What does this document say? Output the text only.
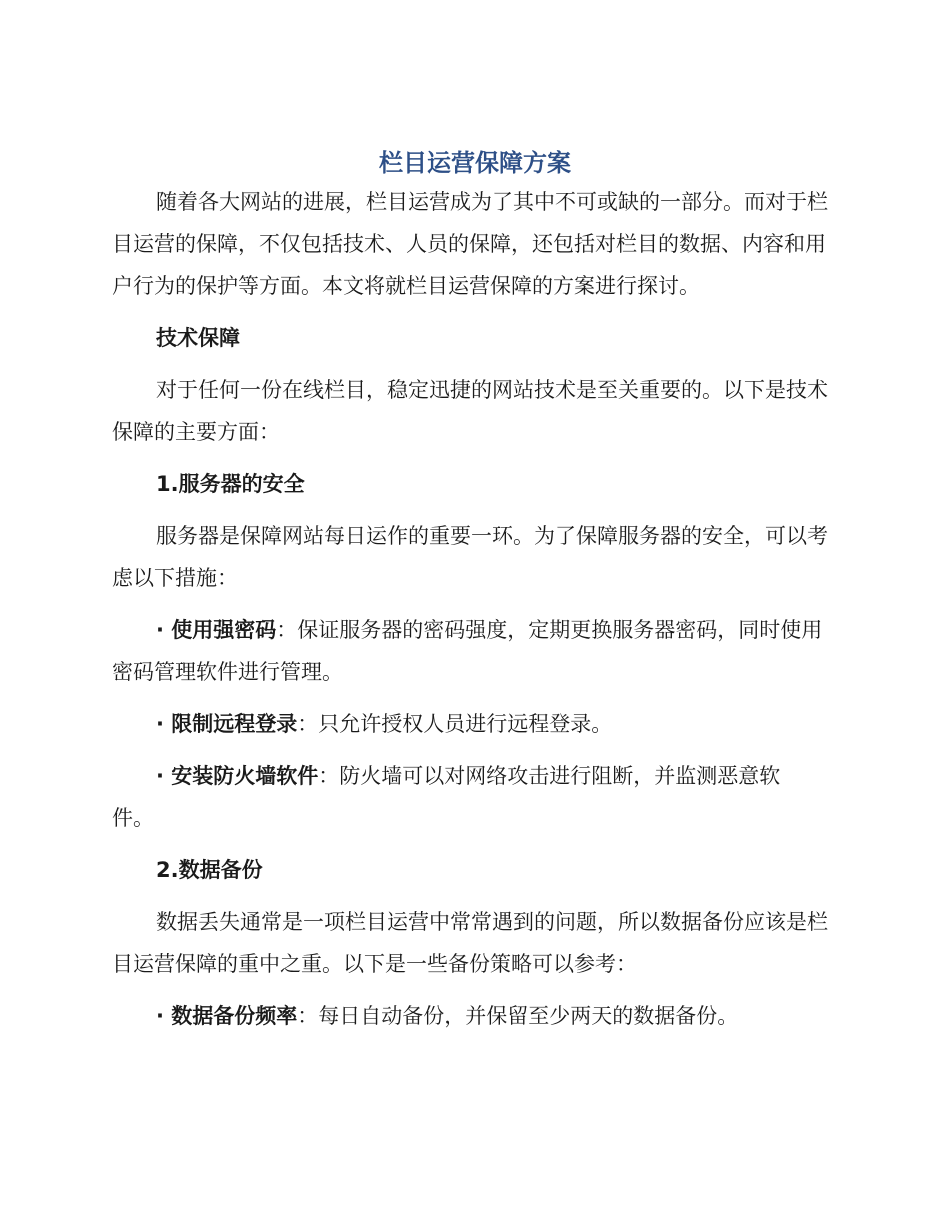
栏目运营保障方案

随着各大网站的进展，栏目运营成为了其中不可或缺的一部分。而对于栏目运营的保障，不仅包括技术、人员的保障，还包括对栏目的数据、内容和用户行为的保护等方面。本文将就栏目运营保障的方案进行探讨。

技术保障

对于任何一份在线栏目，稳定迅捷的网站技术是至关重要的。以下是技术保障的主要方面：

1.服务器的安全

服务器是保障网站每日运作的重要一环。为了保障服务器的安全，可以考虑以下措施：

· 使用强密码：保证服务器的密码强度，定期更换服务器密码，同时使用密码管理软件进行管理。

· 限制远程登录：只允许授权人员进行远程登录。

· 安装防火墙软件：防火墙可以对网络攻击进行阻断，并监测恶意软件。

2.数据备份

数据丢失通常是一项栏目运营中常常遇到的问题，所以数据备份应该是栏目运营保障的重中之重。以下是一些备份策略可以参考：

· 数据备份频率：每日自动备份，并保留至少两天的数据备份。
